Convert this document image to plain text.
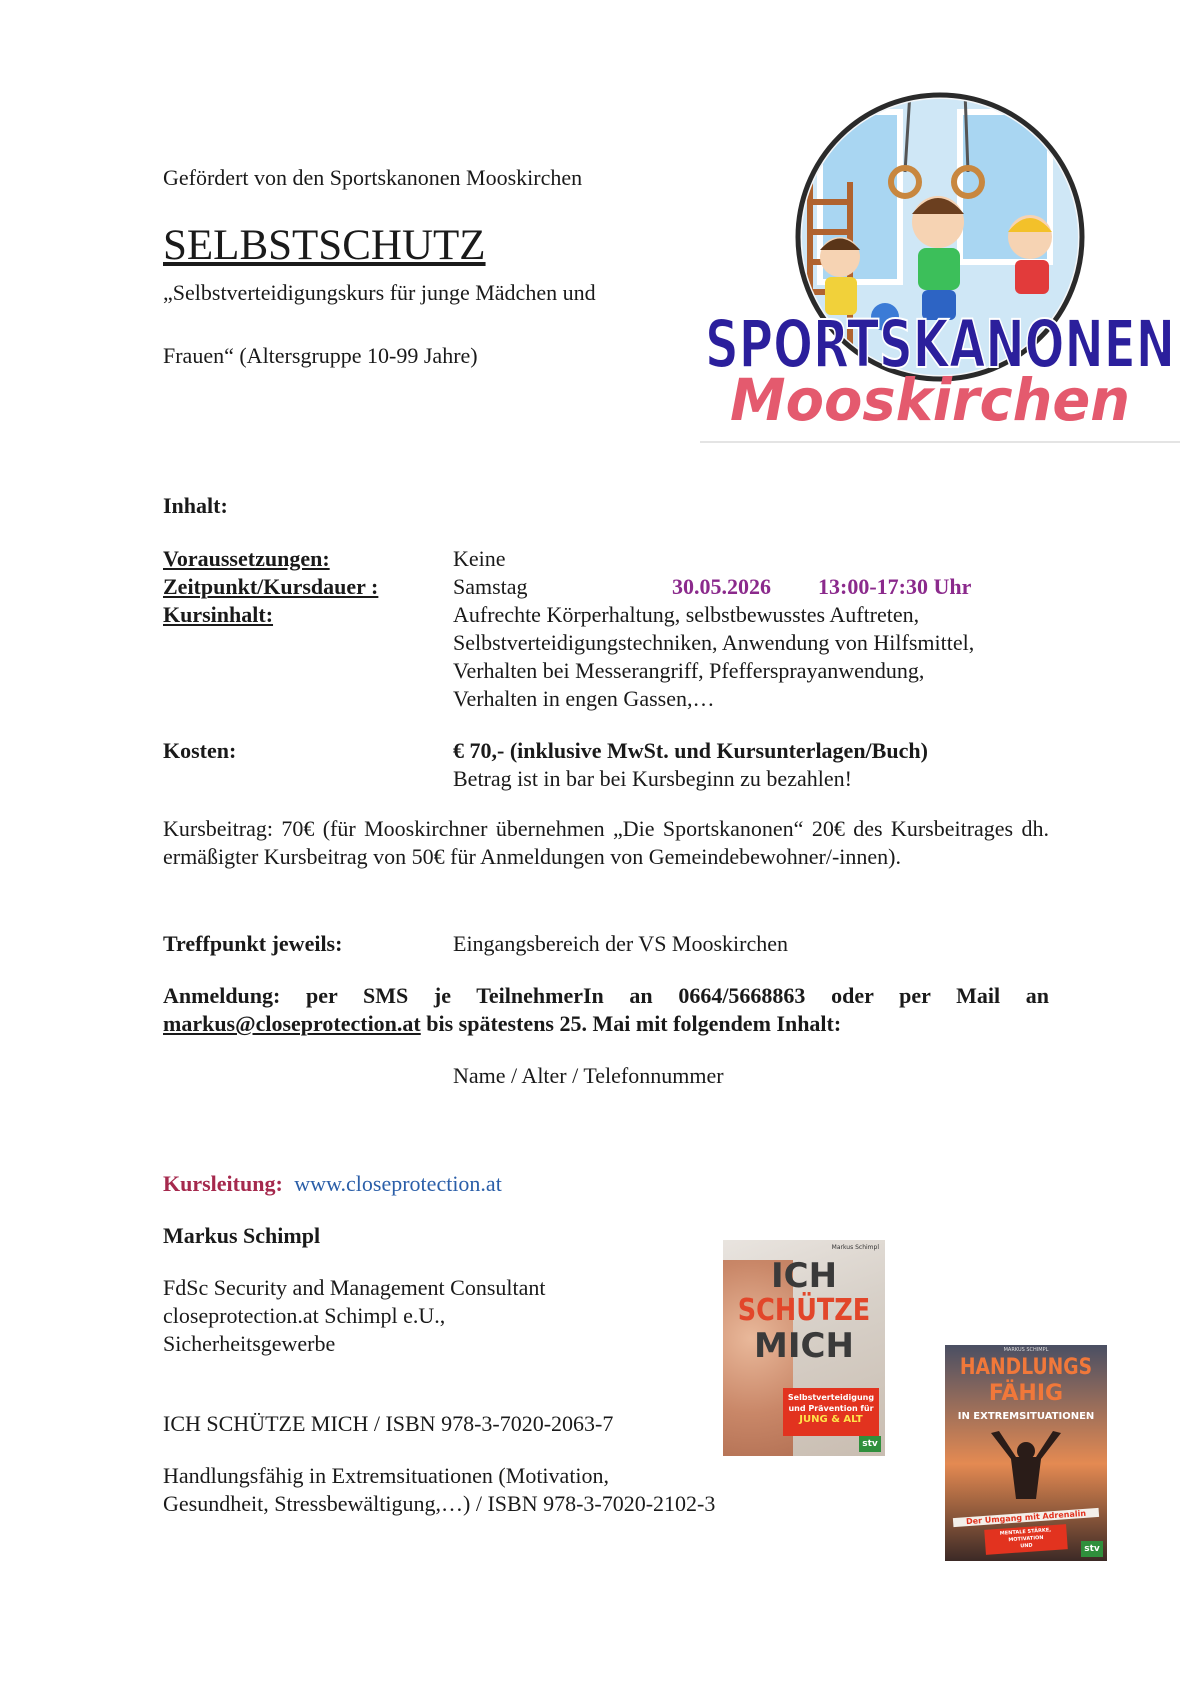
Gefördert von den Sportskanonen Mooskirchen
SELBSTSCHUTZ
„Selbstverteidigungskurs für junge Mädchen und
Frauen“ (Altersgruppe 10-99 Jahre)	SPORTSKANONEN
Mooskirchen
Inhalt:
Voraussetzungen:	Keine
Zeitpunkt/Kursdauer :	Samstag	30.05.2026 13:00-17:30 Uhr
Kursinhalt:	Aufrechte Körperhaltung, selbstbewusstes Auftreten,
Selbstverteidigungstechniken, Anwendung von Hilfsmittel,
Verhalten bei Messerangriff, Pfeffersprayanwendung,
Verhalten in engen Gassen,…
Kosten:	€ 70,- (inklusive MwSt. und Kursunterlagen/Buch)
Betrag ist in bar bei Kursbeginn zu bezahlen!
Kursbeitrag: 70€ (für Mooskirchner übernehmen „Die Sportskanonen“ 20€ des Kursbeitrages dh. ermäßigter Kursbeitrag von 50€ für Anmeldungen von Gemeindebewohner/-innen).
Treffpunkt jeweils:	Eingangsbereich der VS Mooskirchen
Anmeldung: per SMS je TeilnehmerIn an 0664/5668863 oder per Mail an
markus@closeprotection.at bis spätestens 25. Mai mit folgendem Inhalt:
Name / Alter / Telefonnummer
Kursleitung: www.closeprotection.at
Markus Schimpl
FdSc Security and Management Consultant
closeprotection.at Schimpl e.U.,
Sicherheitsgewerbe
ICH SCHÜTZE MICH / ISBN 978-3-7020-2063-7
Handlungsfähig in Extremsituationen (Motivation,
Gesundheit, Stressbewältigung,…) / ISBN 978-3-7020-2102-3
Markus Schimpl
ICH
SCHÜTZE
MICH
Selbstverteidigung
und Prävention für
JUNG & ALT
stv
MARKUS SCHIMPL
HANDLUNGS
FÄHIG
IN EXTREMSITUATIONEN
Der Umgang mit Adrenalin
MENTALE STÄRKE,
MOTIVATION
UND	stv
